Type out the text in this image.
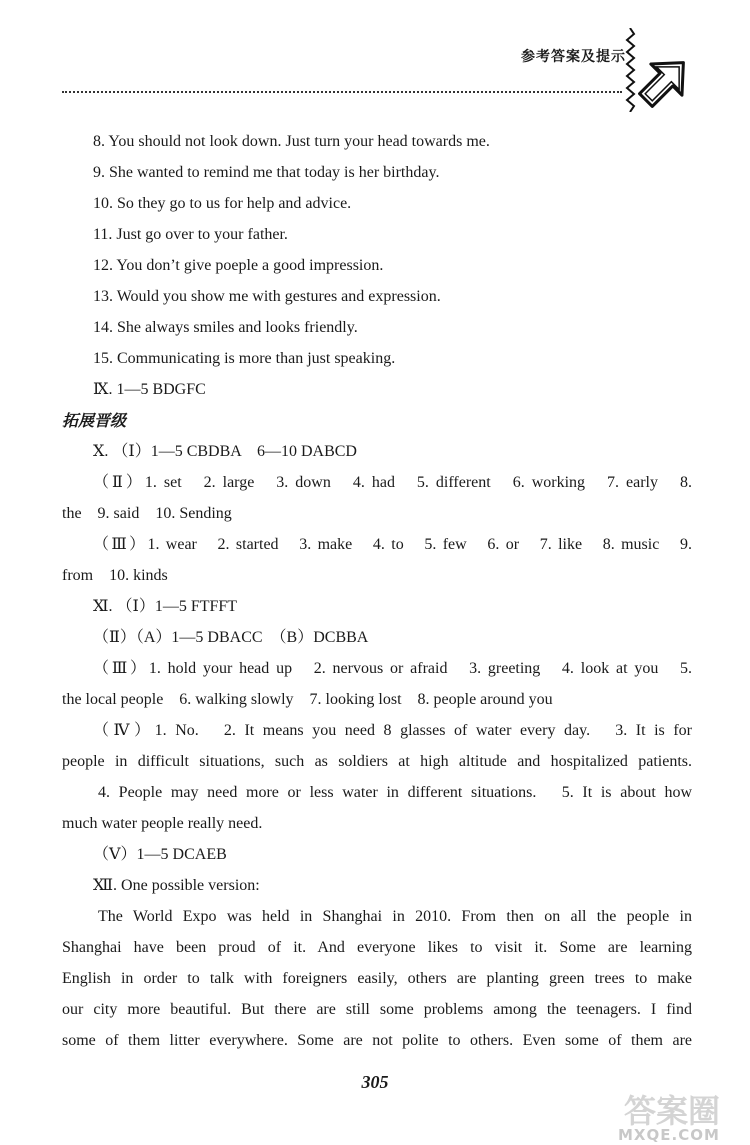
参考答案及提示
8. You should not look down. Just turn your head towards me.
9. She wanted to remind me that today is her birthday.
10. So they go to us for help and advice.
11. Just go over to your father.
12. You don’t give poeple a good impression.
13. Would you show me with gestures and expression.
14. She always smiles and looks friendly.
15. Communicating is more than just speaking.
Ⅸ. 1—5 BDGFC
拓展晋级
Ⅹ. （Ⅰ）1—5 CBDBA　6—10 DABCD
（Ⅱ）1. set　2. large　3. down　4. had　5. different　6. working　7. early　8.
the　9. said　10. Sending
（Ⅲ）1. wear　2. started　3. make　4. to　5. few　6. or　7. like　8. music　9.
from　10. kinds
Ⅺ. （Ⅰ）1—5 FTFFT
（Ⅱ）（A）1—5 DBACC　（B）DCBBA
（Ⅲ）1. hold your head up　2. nervous or afraid　3. greeting　4. look at you　5.
the local people　6. walking slowly　7. looking lost　8. people around you
（Ⅳ）1. No.　2. It means you need 8 glasses of water every day.　3. It is for
people in difficult situations, such as soldiers at high altitude and hospitalized patients.
4. People may need more or less water in different situations.　5. It is about how
much water people really need.
（Ⅴ）1—5 DCAEB
Ⅻ. One possible version:
The World Expo was held in Shanghai in 2010. From then on all the people in
Shanghai have been proud of it. And everyone likes to visit it. Some are learning
English in order to talk with foreigners easily, others are planting green trees to make
our city more beautiful. But there are still some problems among the teenagers. I find
some of them litter everywhere. Some are not polite to others. Even some of them are
305
答案圈
MXQE.COM
